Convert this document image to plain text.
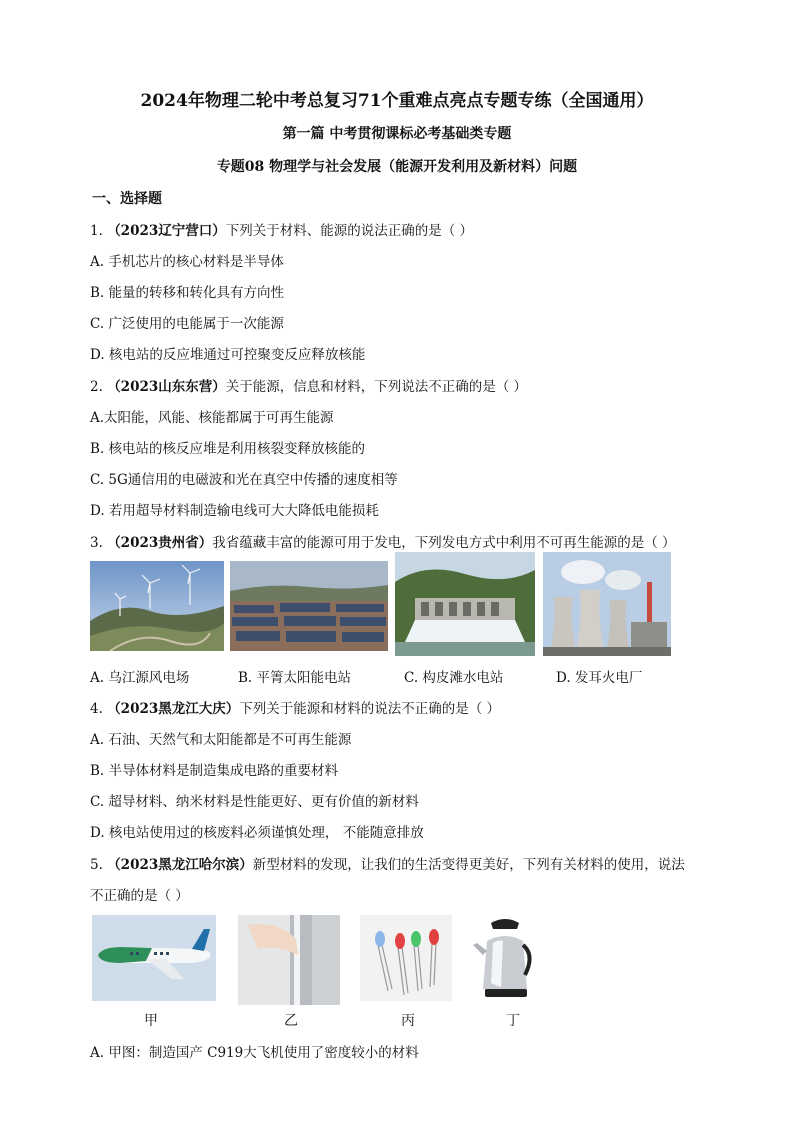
2024年物理二轮中考总复习71个重难点亮点专题专练（全国通用）
第一篇 中考贯彻课标必考基础类专题
专题08 物理学与社会发展（能源开发利用及新材料）问题
一、选择题
1. （2023辽宁营口）下列关于材料、能源的说法正确的是（ ）
A. 手机芯片的核心材料是半导体
B. 能量的转移和转化具有方向性
C. 广泛使用的电能属于一次能源
D. 核电站的反应堆通过可控聚变反应释放核能
2. （2023山东东营）关于能源，信息和材料，下列说法不正确的是（ ）
A.太阳能，风能、核能都属于可再生能源
B. 核电站的核反应堆是利用核裂变释放核能的
C. 5G通信用的电磁波和光在真空中传播的速度相等
D. 若用超导材料制造输电线可大大降低电能损耗
3. （2023贵州省）我省蕴藏丰富的能源可用于发电，下列发电方式中利用不可再生能源的是（ ）
A. 乌江源风电场	B. 平箐太阳能电站	C. 构皮滩水电站	D. 发耳火电厂
4. （2023黑龙江大庆）下列关于能源和材料的说法不正确的是（ ）
A. 石油、天然气和太阳能都是不可再生能源
B. 半导体材料是制造集成电路的重要材料
C. 超导材料、纳米材料是性能更好、更有价值的新材料
D. 核电站使用过的核废料必须谨慎处理， 不能随意排放
5. （2023黑龙江哈尔滨）新型材料的发现，让我们的生活变得更美好，下列有关材料的使用，说法
不正确的是（ ）
甲	乙	丙	丁
A. 甲图：制造国产 C919大飞机使用了密度较小的材料
